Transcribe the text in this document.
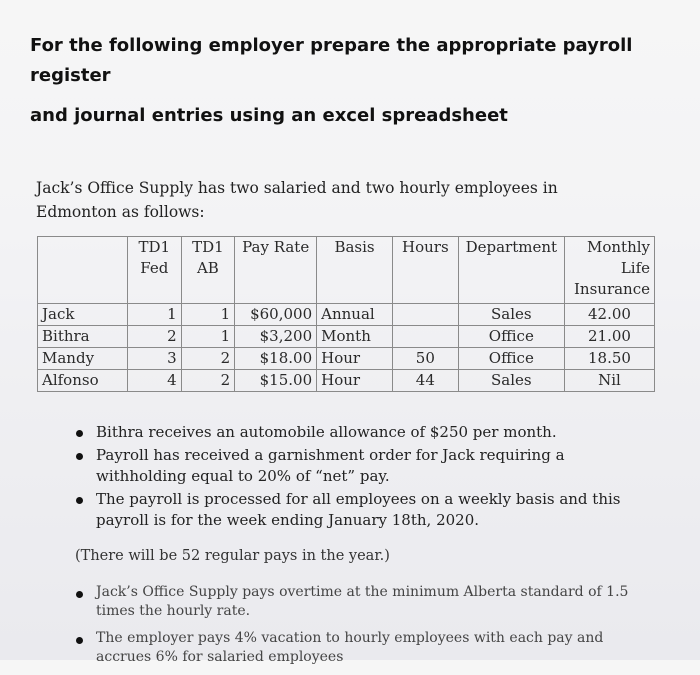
For the following employer prepare the appropriate payroll register

and journal entries using an excel spreadsheet

Jack’s Office Supply has two salaried and two hourly employees in Edmonton as follows:

	TD1 Fed	TD1 AB	Pay Rate	Basis	Hours	Department	Monthly Life Insurance
Jack	1	1	$60,000	Annual		Sales	42.00
Bithra	2	1	$3,200	Month		Office	21.00
Mandy	3	2	$18.00	Hour	50	Office	18.50
Alfonso	4	2	$15.00	Hour	44	Sales	Nil
Bithra receives an automobile allowance of $250 per month.
Payroll has received a garnishment order for Jack requiring a withholding equal to 20% of “net” pay.
The payroll is processed for all employees on a weekly basis and this payroll is for the week ending January 18th, 2020.

(There will be 52 regular pays in the year.)

Jack’s Office Supply pays overtime at the minimum Alberta standard of 1.5 times the hourly rate.
The employer pays 4% vacation to hourly employees with each pay and accrues 6% for salaried employees
